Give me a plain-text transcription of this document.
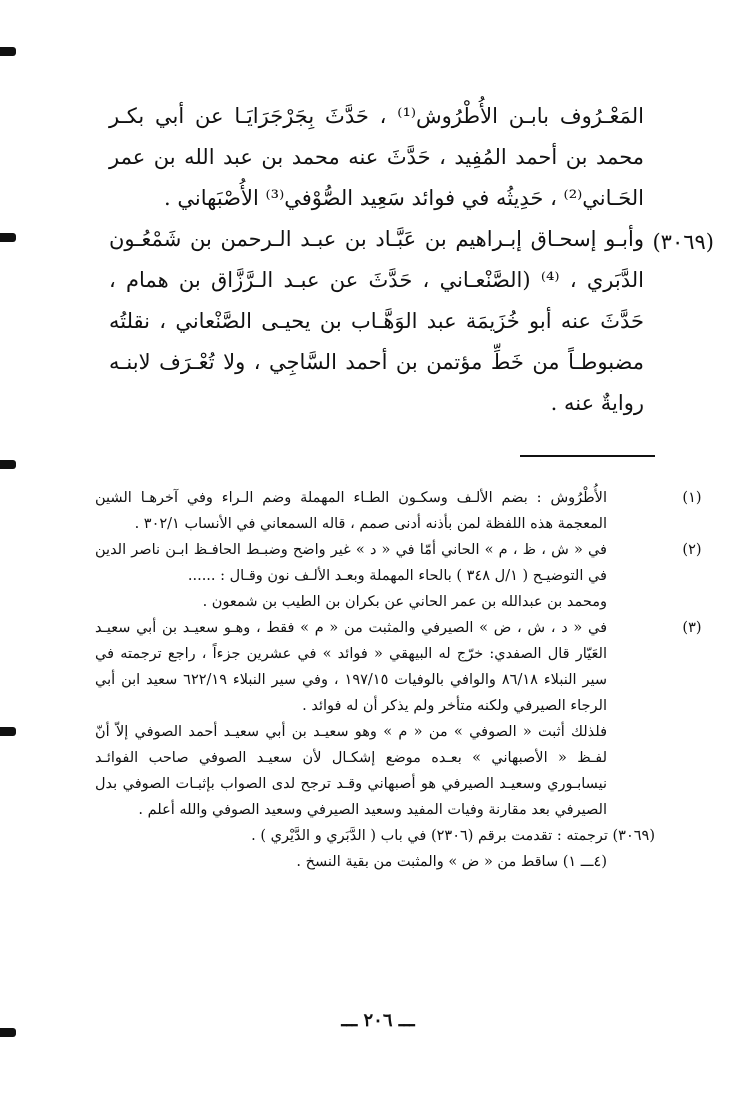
المَعْـرُوف بابـن الأُطْرُوش⁽¹⁾ ، حَدَّثَ بِجَرْجَرَايَـا عن أبي بكـر محمد بن أحمد المُفِيد ، حَدَّثَ عنه محمد بن عبد الله بن عمر الحَـاني⁽²⁾ ، حَدِيثُه في فوائد سَعِيد الصُّوْفي⁽³⁾ الأُصْبَهاني .

وأبـو إسحـاق إبـراهيم بن عَبَّـاد بن عبـد الـرحمن بن شَمْعُـون الدَّبَري ، ⁽⁴⁾ (الصَّنْعـاني ، حَدَّثَ عن عبـد الـرَّزَّاق بن همام ، حَدَّثَ عنه أبو خُزَيمَة عبد الوَهَّـاب بن يحيـى الصَّنْعاني ، نقلتُه مضبوطـاً من خَطِّ مؤتمن بن أحمد السَّاجِي ، ولا تُعْـرَف لابنـه روايةٌ عنه .

(٣٠٦٩)
(١)
الأُطْرُوش : بضم الألـف وسكـون الطـاء المهملة وضم الـراء وفي آخرهـا الشين المعجمة هذه اللفظة لمن بأذنه أدنى صمم ، قاله السمعاني في الأنساب ٣٠٢/١ .
(٢)
في « ش ، ظ ، م » الحاني أمّا في « د » غير واضح وضبـط الحافـظ ابـن ناصر الدين في التوضيـح ( ١/ل ٣٤٨ ) بالحاء المهملة وبعـد الألـف نون وقـال : ......
ومحمد بن عبدالله بن عمر الحاني عن بكران بن الطيب بن شمعون .
(٣)
في « د ، ش ، ض » الصيرفي والمثبت من « م » فقط ، وهـو سعيـد بن أبي سعيـد العَيّار قال الصفدي: خرّج له البيهقي « فوائد » في عشرين جزءاً ، راجع ترجمته في سير النبلاء ٨٦/١٨ والوافي بالوفيات ١٩٧/١٥ ، وفي سير النبلاء ٦٢٢/١٩ سعيد ابن أبي الرجاء الصيرفي ولكنه متأخر ولم يذكر أن له فوائد .
فلذلك أثبت « الصوفي » من « م » وهو سعيـد بن أبي سعيـد أحمد الصوفي إلاّ أنّ لفـظ « الأصبهاني » بعـده موضع إشكـال لأن سعيـد الصوفي صاحب الفوائـد نيسابـوري وسعيـد الصيرفي هو أصبهاني وقـد ترجح لدى الصواب بإثبـات الصوفي بدل الصيرفي بعد مقارنة وفيات المفيد وسعيد الصيرفي وسعيد الصوفي والله أعلم .

(٣٠٦٩) ترجمته : تقدمت برقم (٢٣٠٦) في باب ( الدَّبَري و الدَّيْري ) .

(٤ـــ ١) ساقط من « ض » والمثبت من بقية النسخ .

ـــ ٢٠٦ ـــ
